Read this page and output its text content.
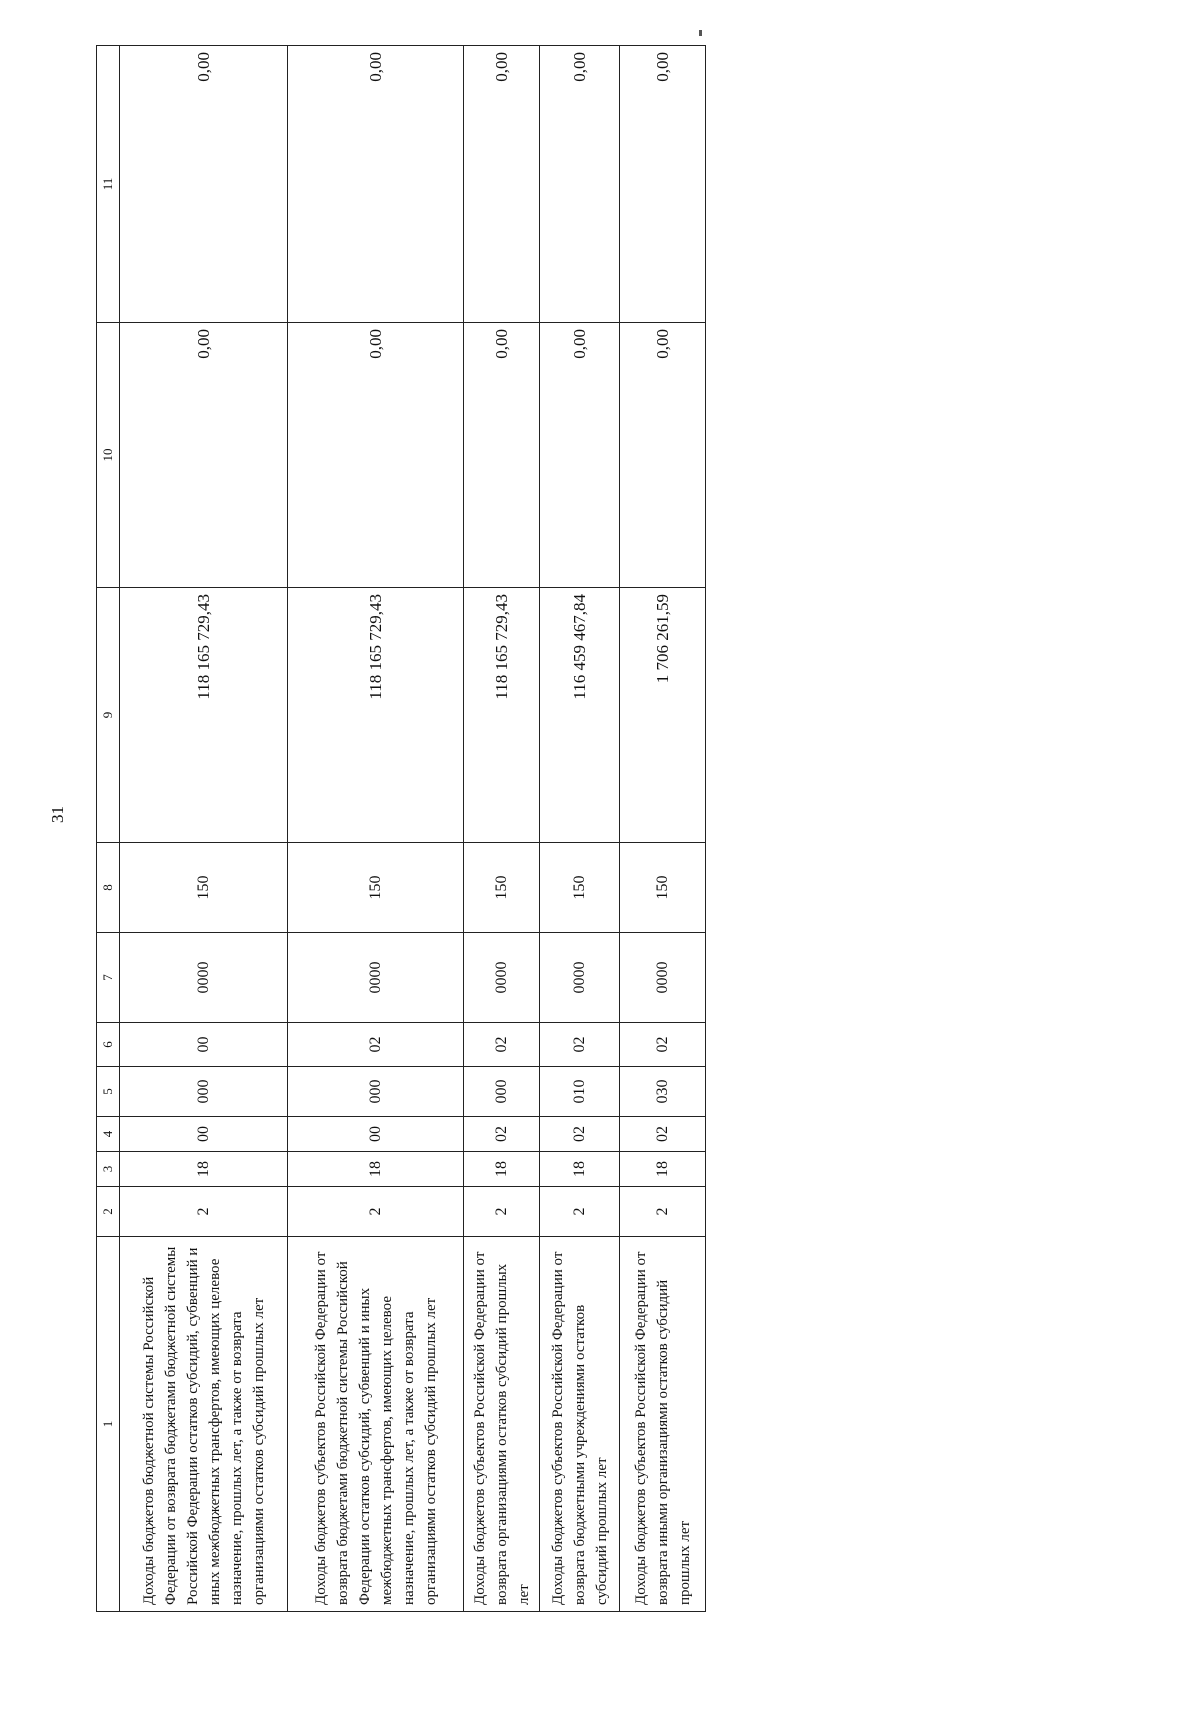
31
1	2	3	4	5	6	7	8	9	10	11
Доходы бюджетов бюджетной системы Российской Федерации от возврата бюджетами бюджетной системы Российской Федерации остатков субсидий, субвенций и иных межбюджетных трансфертов, имеющих целевое назначение, прошлых лет, а также от возврата организациями остатков субсидий прошлых лет	2	18	00	000	00	0000	150	118 165 729,43	0,00	0,00
Доходы бюджетов субъектов Российской Федерации от возврата бюджетами бюджетной системы Российской Федерации остатков субсидий, субвенций и иных межбюджетных трансфертов, имеющих целевое назначение, прошлых лет, а также от возврата организациями остатков субсидий прошлых лет	2	18	00	000	02	0000	150	118 165 729,43	0,00	0,00
Доходы бюджетов субъектов Российской Федерации от возврата организациями остатков субсидий прошлых лет	2	18	02	000	02	0000	150	118 165 729,43	0,00	0,00
Доходы бюджетов субъектов Российской Федерации от возврата бюджетными учреждениями остатков субсидий прошлых лет	2	18	02	010	02	0000	150	116 459 467,84	0,00	0,00
Доходы бюджетов субъектов Российской Федерации от возврата иными организациями остатков субсидий прошлых лет	2	18	02	030	02	0000	150	1 706 261,59	0,00	0,00
